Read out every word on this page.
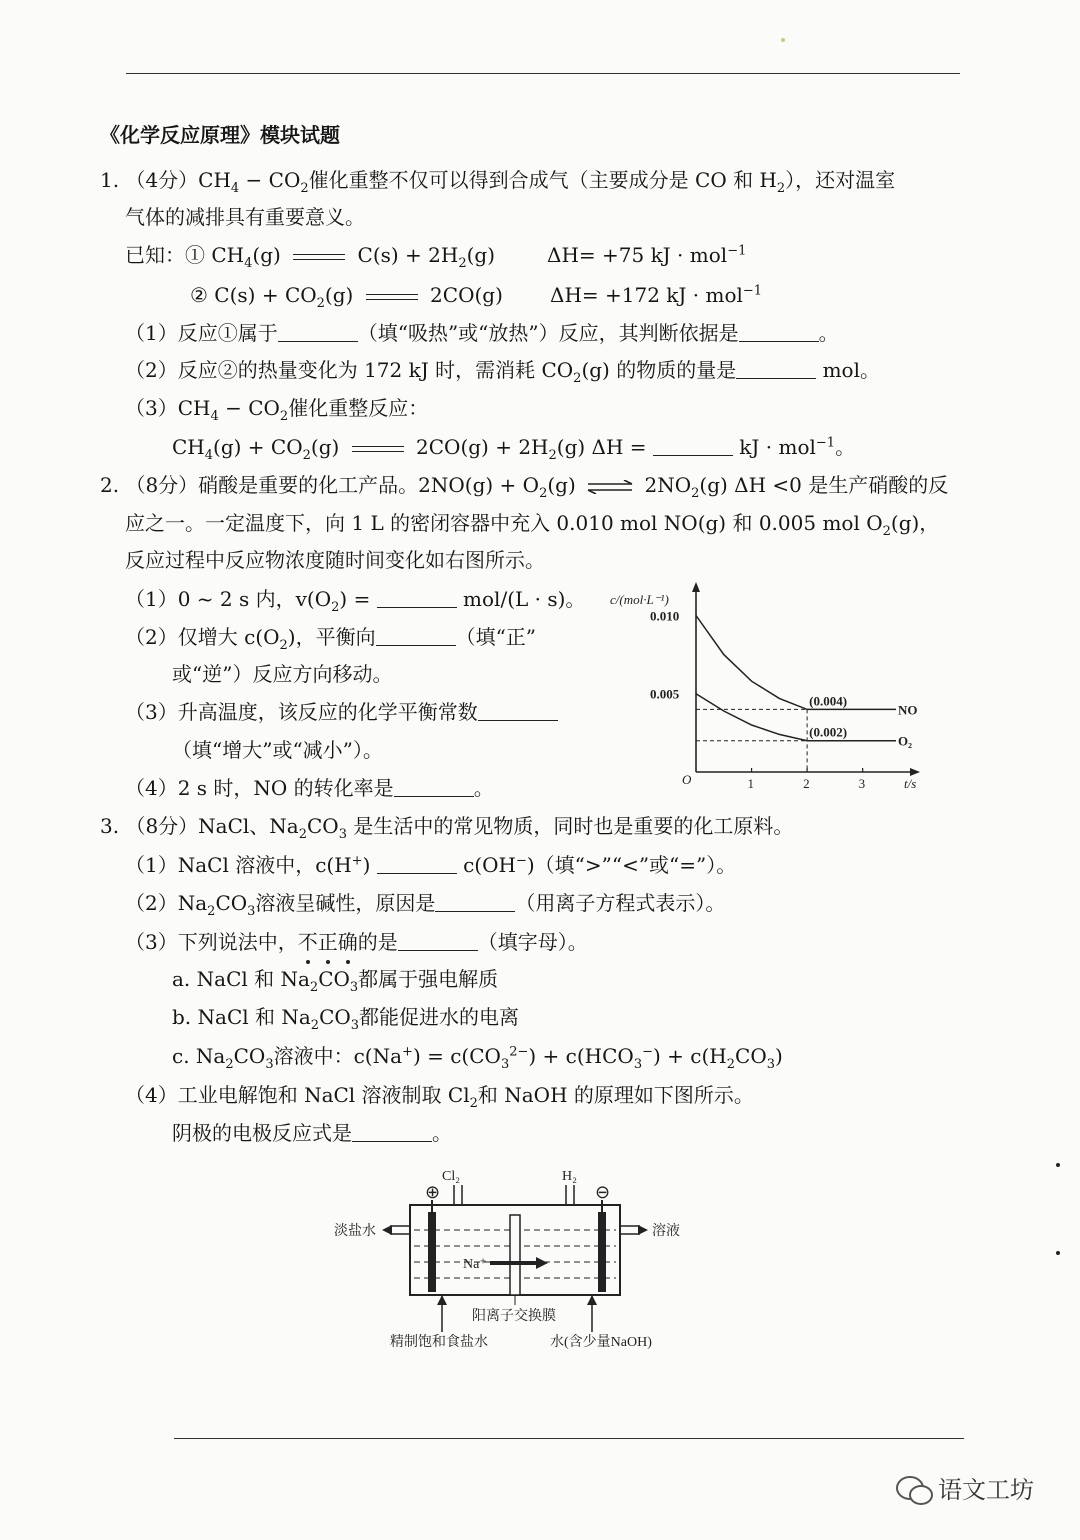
《化学反应原理》模块试题
1. （4分）$CH_4 - CO_2$催化重整不仅可以得到合成气（主要成分是 CO 和 $H_2$），还对温室
气体的减排具有重要意义。
已知：① $CH_4(g)$	$C(s) + 2H_2(g)$	ΔH= +75 kJ · mol$^{-1}$
② $C(s) + CO_2(g)$	2CO(g) ΔH= +172 kJ · mol$^{-1}$
（1）反应①属于	（填“吸热”或“放热”）反应，其判断依据是	。
（2）反应②的热量变化为 172 kJ 时，需消耗 $CO_2(g)$ 的物质的量是	mol。
$(3)CH_4 - CO_2$催化重整反应：
$CH_4(g) + CO_2(g)$	$2CO(g) + 2H_2(g) \Delta H$ =	kJ · mol$^{-1}$。
2. （8分）硝酸是重要的化工产品。$2NO(g) + O_2(g)$ ⇌ $2NO_2(g)$ ΔH <0 是生产硝酸的反
应之一。一定温度下，向 1 L 的密闭容器中充入 0.010 mol NO(g) 和 0.005 mol $O_2(g)$，
反应过程中反应物浓度随时间变化如右图所示。
（1）0 ~ 2 s 内，$v(O_2)$ =	mol/(L · s)。
（2）仅增大 $c(O_2)$，平衡向	（填“正”
或“逆”）反应方向移动。
（3）升高温度，该反应的化学平衡常数
（填“增大”或“减小”）。
（4）2 s 时，NO 的转化率是	。
c/(mol·L⁻¹)
t/s
O	1	2	3
0.010
0.005
NO
O₂
(0.004)
(0.002)
3. （8分）NaCl、$Na_2CO_3$ 是生活中的常见物质，同时也是重要的化工原料。
（1）NaCl 溶液中，c(H+)	c(OH−)（填“>”“<”或“=”）。
$(2)Na_2CO_3$溶液呈碱性，原因是	（用离子方程式表示）。
（3）下列说法中，不正确的是	（填字母）。
a. NaCl 和 $Na_2CO_3$都属于强电解质
b. NaCl 和 $Na_2CO_3$都能促进水的电离
c. $Na_2CO_3$溶液中：$c(Na^+) = c(CO_3^{2-}) + c(HCO_3^-) + c(H_2CO_3)$
（4）工业电解饱和 NaCl 溶液制取 $Cl_2$和 NaOH 的原理如下图所示。
阴极的电极反应式是	。
Cl₂	H₂
⊕	⊖
淡盐水	溶液
Na⁺
阳离子交换膜
精制饱和食盐水	水(含少量NaOH)
语文工坊
